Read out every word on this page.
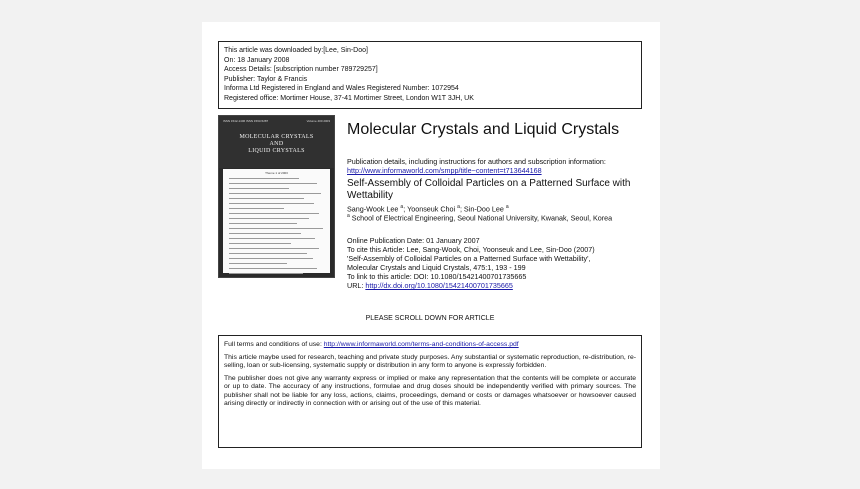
This article was downloaded by:[Lee, Sin-Doo]
On: 18 January 2008
Access Details: [subscription number 789729257]
Publisher: Taylor & Francis
Informa Ltd Registered in England and Wales Registered Number: 1072954
Registered office: Mortimer House, 37-41 Mortimer Street, London W1T 3JH, UK
ISSN 1542-1406 ISSN 1563-5287	Volume 400 2003
MOLECULAR CRYSTALS
AND
LIQUID CRYSTALS
Theme 1 of 2003
Molecular Crystals and Liquid Crystals
Publication details, including instructions for authors and subscription information:
http://www.informaworld.com/smpp/title~content=t713644168
Self-Assembly of Colloidal Particles on a Patterned Surface with Wettability
Sang-Wook Lee $^a$; Yoonseuk Choi $^a$; Sin-Doo Lee $^a$
$^a$ School of Electrical Engineering, Seoul National University, Kwanak, Seoul, Korea
Online Publication Date: 01 January 2007
To cite this Article: Lee, Sang-Wook, Choi, Yoonseuk and Lee, Sin-Doo (2007)
'Self-Assembly of Colloidal Particles on a Patterned Surface with Wettability',
Molecular Crystals and Liquid Crystals, 475:1, 193 - 199
To link to this article: DOI: 10.1080/15421400701735665
URL: http://dx.doi.org/10.1080/15421400701735665
PLEASE SCROLL DOWN FOR ARTICLE

Full terms and conditions of use: http://www.informaworld.com/terms-and-conditions-of-access.pdf

This article maybe used for research, teaching and private study purposes. Any substantial or systematic reproduction, re-distribution, re-selling, loan or sub-licensing, systematic supply or distribution in any form to anyone is expressly forbidden.

The publisher does not give any warranty express or implied or make any representation that the contents will be complete or accurate or up to date. The accuracy of any instructions, formulae and drug doses should be independently verified with primary sources. The publisher shall not be liable for any loss, actions, claims, proceedings, demand or costs or damages whatsoever or howsoever caused arising directly or indirectly in connection with or arising out of the use of this material.
